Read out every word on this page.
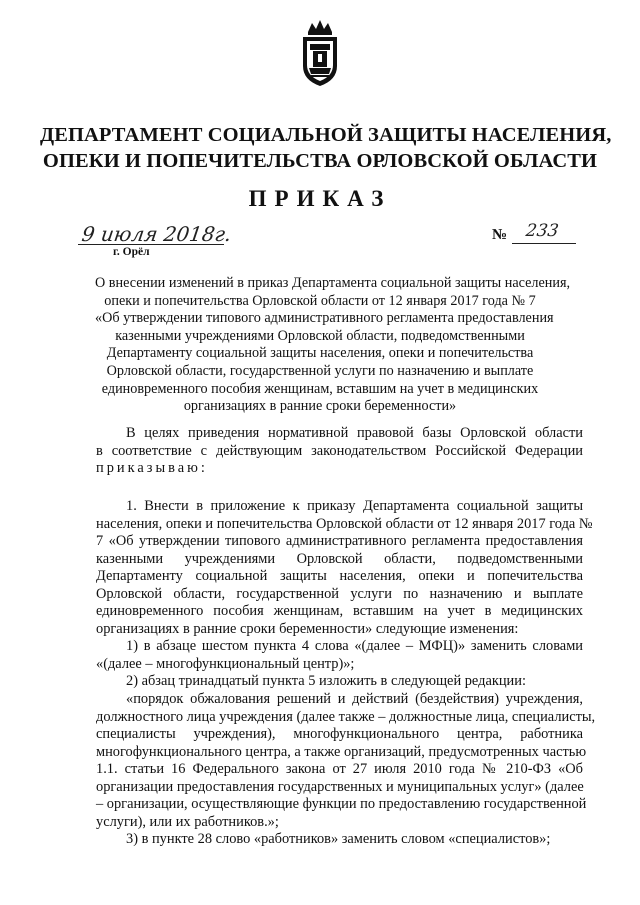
ДЕПАРТАМЕНТ СОЦИАЛЬНОЙ ЗАЩИТЫ НАСЕЛЕНИЯ,
ОПЕКИ И ПОПЕЧИТЕЛЬСТВА ОРЛОВСКОЙ ОБЛАСТИ
ПРИКАЗ
9 июля 2018г.
г. Орёл
№ 233
О внесении изменений в приказ Департамента социальной защиты населения,
опеки и попечительства Орловской области от 12 января 2017 года № 7
«Об утверждении типового административного регламента предоставления
казенными учреждениями Орловской области, подведомственными
Департаменту социальной защиты населения, опеки и попечительства
Орловской области, государственной услуги по назначению и выплате
единовременного пособия женщинам, вставшим на учет в медицинских
организациях в ранние сроки беременности»
В целях приведения нормативной правовой базы Орловской области
в соответствие с действующим законодательством Российской Федерации
приказываю:
1. Внести в приложение к приказу Департамента социальной защиты
населения, опеки и попечительства Орловской области от 12 января 2017 года №
7 «Об утверждении типового административного регламента предоставления
казенными учреждениями Орловской области, подведомственными
Департаменту социальной защиты населения, опеки и попечительства
Орловской области, государственной услуги по назначению и выплате
единовременного пособия женщинам, вставшим на учет в медицинских
организациях в ранние сроки беременности» следующие изменения:
1) в абзаце шестом пункта 4 слова «(далее – МФЦ)» заменить словами
«(далее – многофункциональный центр)»;
2) абзац тринадцатый пункта 5 изложить в следующей редакции:
«порядок обжалования решений и действий (бездействия) учреждения,
должностного лица учреждения (далее также – должностные лица, специалисты,
специалисты учреждения), многофункционального центра, работника
многофункционального центра, а также организаций, предусмотренных частью
1.1. статьи 16 Федерального закона от 27 июля 2010 года № 210-ФЗ «Об
организации предоставления государственных и муниципальных услуг» (далее
– организации, осуществляющие функции по предоставлению государственной
услуги), или их работников.»;
3) в пункте 28 слово «работников» заменить словом «специалистов»;
